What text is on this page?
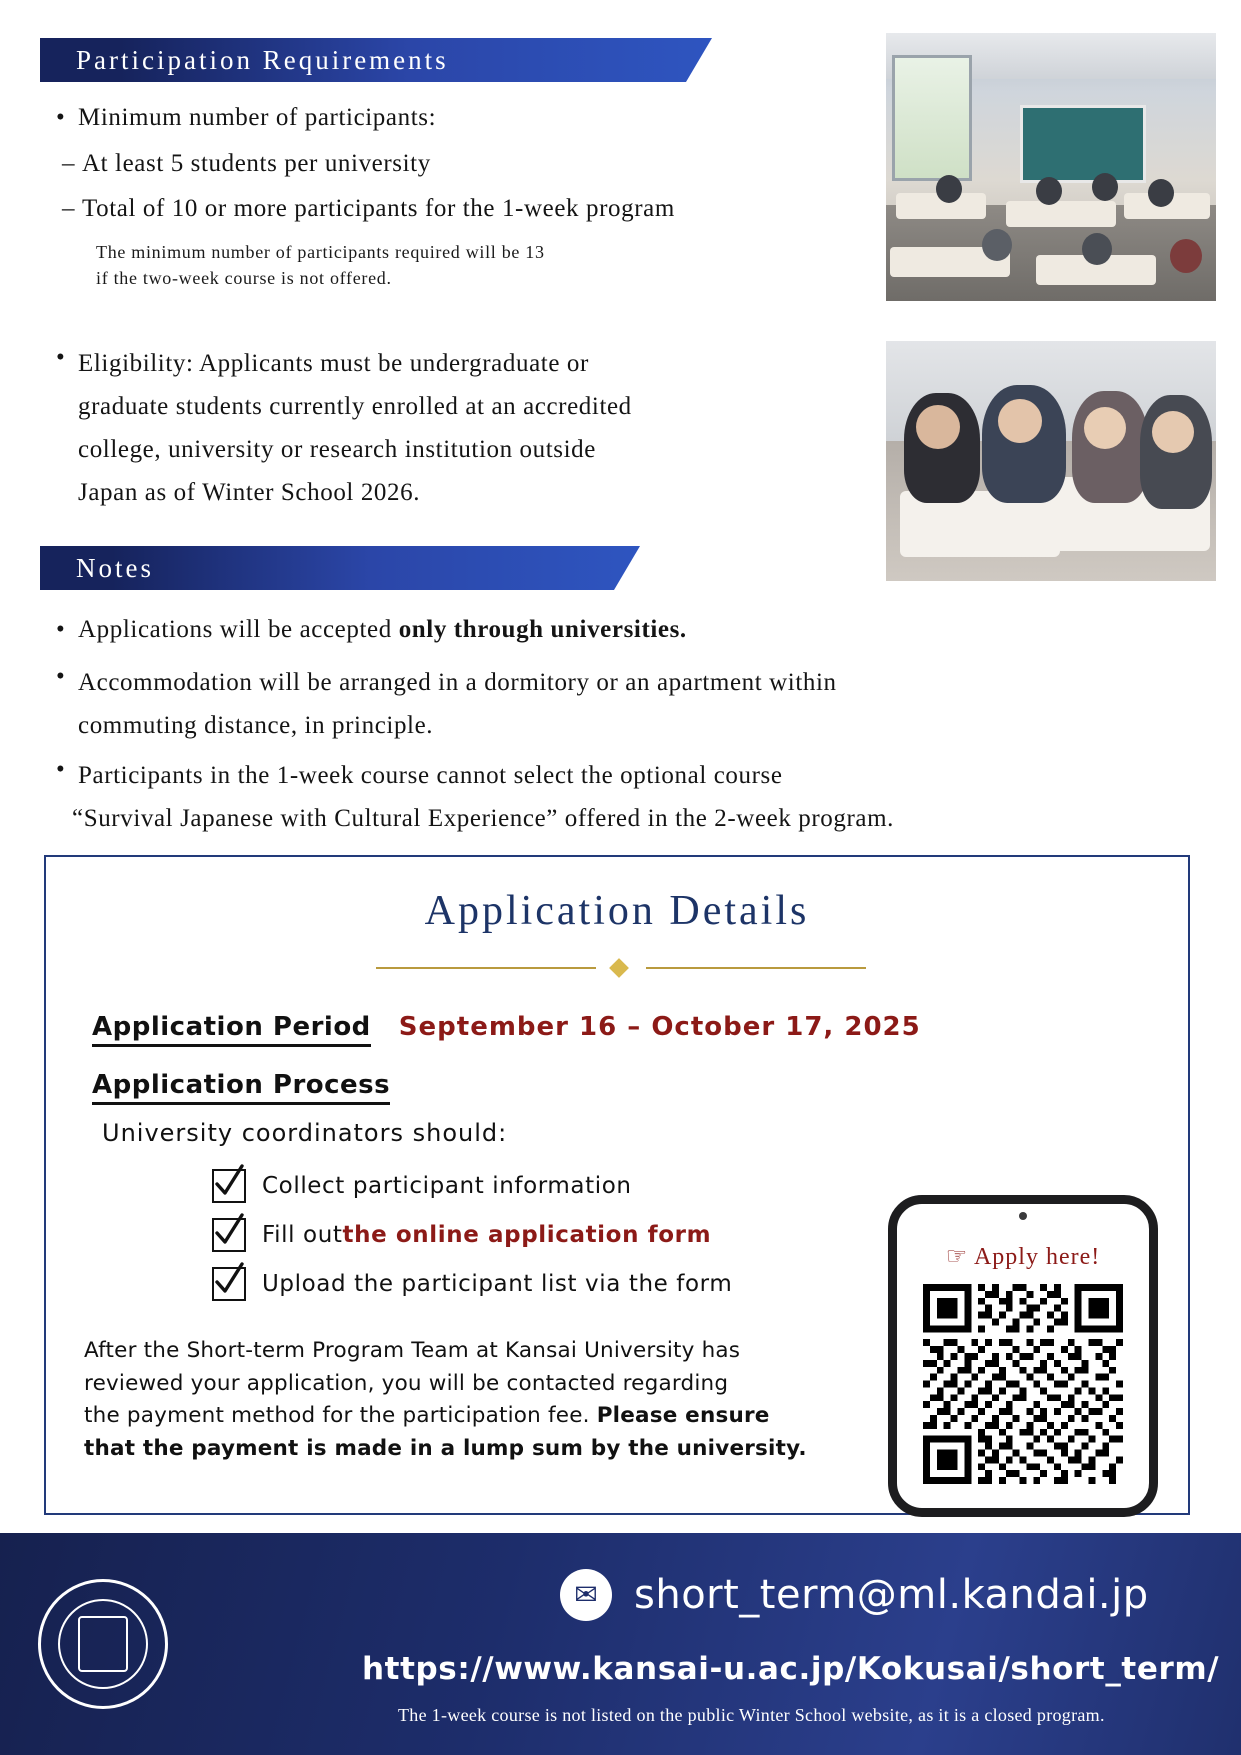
Participation Requirements
• Minimum number of participants:
– At least 5 students per university
– Total of 10 or more participants for the 1-week program
The minimum number of participants required will be 13
if the two-week course is not offered.
• Eligibility: Applicants must be undergraduate or
graduate students currently enrolled at an accredited
college, university or research institution outside
Japan as of Winter School 2026.
Notes
• Applications will be accepted only through universities.
• Accommodation will be arranged in a dormitory or an apartment within
commuting distance, in principle.
• Participants in the 1-week course cannot select the optional course
“Survival Japanese with Cultural Experience” offered in the 2-week program.
Application Details
Application Period September 16 – October 17, 2025
Application Process
University coordinators should:
Collect participant information
Fill out the online application form
Upload the participant list via the form
After the Short-term Program Team at Kansai University has
reviewed your application, you will be contacted regarding
the payment method for the participation fee. Please ensure
that the payment is made in a lump sum by the university.
☞ Apply here!
✉ short_term@ml.kandai.jp
https://www.kansai-u.ac.jp/Kokusai/short_term/
The 1-week course is not listed on the public Winter School website, as it is a closed program.
